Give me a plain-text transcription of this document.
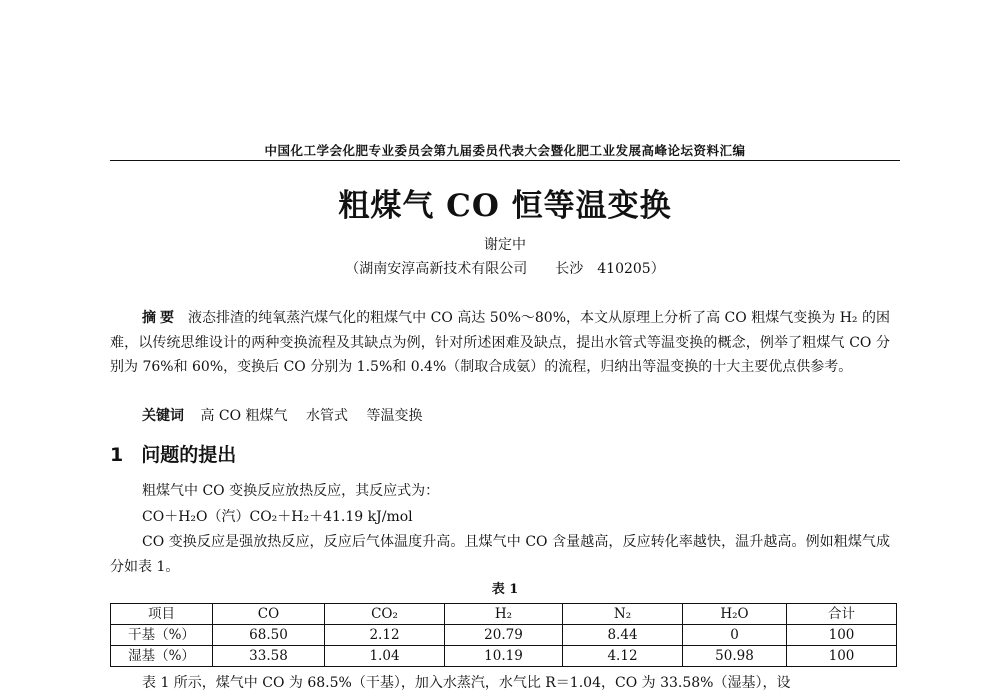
中国化工学会化肥专业委员会第九届委员代表大会暨化肥工业发展高峰论坛资料汇编
粗煤气 CO 恒等温变换
谢定中
（湖南安淳高新技术有限公司　　长沙　410205）
摘要 液态排渣的纯氧蒸汽煤气化的粗煤气中 CO 高达 50%～80%，本文从原理上分析了高 CO 粗煤气变换为 H₂ 的困难，以传统思维设计的两种变换流程及其缺点为例，针对所述困难及缺点，提出水管式等温变换的概念，例举了粗煤气 CO 分别为 76%和 60%，变换后 CO 分别为 1.5%和 0.4%（制取合成氨）的流程，归纳出等温变换的十大主要优点供参考。
关键词 高 CO 粗煤气 水管式 等温变换
1 问题的提出
粗煤气中 CO 变换反应放热反应，其反应式为：
CO＋H₂O（汽）CO₂＋H₂＋41.19 kJ/mol
CO 变换反应是强放热反应，反应后气体温度升高。且煤气中 CO 含量越高，反应转化率越快，温升越高。例如粗煤气成分如表 1。
表 1
项目	CO	CO₂	H₂	N₂	H₂O	合计
干基（%）	68.50	2.12	20.79	8.44	0	100
湿基（%）	33.58	1.04	10.19	4.12	50.98	100
表 1 所示，煤气中 CO 为 68.5%（干基），加入水蒸汽，水气比 R＝1.04，CO 为 33.58%（湿基），设
